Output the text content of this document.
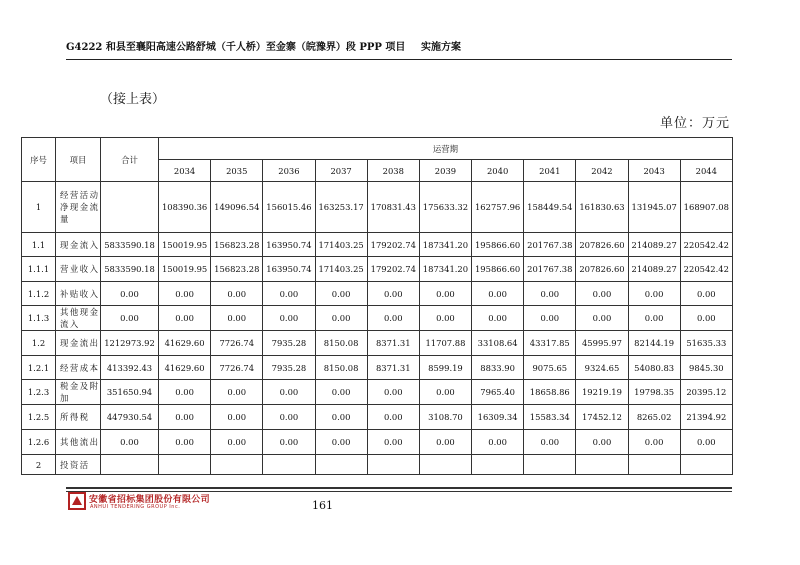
G4222 和县至襄阳高速公路舒城（千人桥）至金寨（皖豫界）段 PPP 项目 实施方案
（接上表）
单位：万元
序号	项目	合计	运营期										
			2034	2035	2036	2037	2038	2039	2040	2041	2042	2043	2044
1	经营活动净现金流量		108390.36	149096.54	156015.46	163253.17	170831.43	175633.32	162757.96	158449.54	161830.63	131945.07	168907.08
1.1	现金流入	5833590.18	150019.95	156823.28	163950.74	171403.25	179202.74	187341.20	195866.60	201767.38	207826.60	214089.27	220542.42
1.1.1	营业收入	5833590.18	150019.95	156823.28	163950.74	171403.25	179202.74	187341.20	195866.60	201767.38	207826.60	214089.27	220542.42
1.1.2	补贴收入	0.00	0.00	0.00	0.00	0.00	0.00	0.00	0.00	0.00	0.00	0.00	0.00
1.1.3	其他现金流入	0.00	0.00	0.00	0.00	0.00	0.00	0.00	0.00	0.00	0.00	0.00	0.00
1.2	现金流出	1212973.92	41629.60	7726.74	7935.28	8150.08	8371.31	11707.88	33108.64	43317.85	45995.97	82144.19	51635.33
1.2.1	经营成本	413392.43	41629.60	7726.74	7935.28	8150.08	8371.31	8599.19	8833.90	9075.65	9324.65	54080.83	9845.30
1.2.3	税金及附加	351650.94	0.00	0.00	0.00	0.00	0.00	0.00	7965.40	18658.86	19219.19	19798.35	20395.12
1.2.5	所得税	447930.54	0.00	0.00	0.00	0.00	0.00	3108.70	16309.34	15583.34	17452.12	8265.02	21394.92
1.2.6	其他流出	0.00	0.00	0.00	0.00	0.00	0.00	0.00	0.00	0.00	0.00	0.00	0.00
2	投资活												
安徽省招标集团股份有限公司
ANHUI TENDERING GROUP Inc.	161
